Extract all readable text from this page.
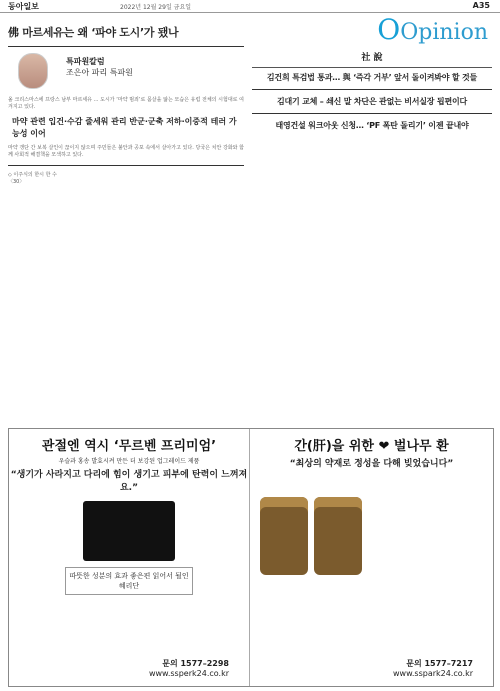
동아일보	2022년 12월 29일 금요일	A35
OOpinion
佛 마르세유는 왜 ‘파야 도시’가 됐나
특파원칼럼
조은아 파리 특파원
올 크리스마스에 프랑스 남부 마르세유 ... 도시가 ‘마약 범죄’로 몸살을 앓는 모습은 유럽 전체의 시험대로 여겨지고 있다.
마약 관련 입건·수감 줄세워 관리 반군·군축 저하·이중적 테러 가능성 이어
마약 갱단 간 보복 살인이 끊이지 않으며 주민들은 불안과 공포 속에서 살아가고 있다. 당국은 치안 강화와 함께 사회적 해결책을 모색하고 있다.
◇ 이주식의 한시 한 수
〈30〉
社 說
김건희 특검법 통과… 與 ‘즉각 거부’ 앞서 돌이켜봐야 할 것들
김대기 교체 – 쇄신 말 차단은 관없는 비서실장 됩편이다
태영건설 워크아웃 신청… ‘PF 폭탄 돌리기’ 이젠 끝내야
관절엔 역시 ‘무르벤 프리미엄’
우슬과 홍송 발효시켜 만든 더 보강된 업그레이드 제품
“생기가 사라지고 다리에 힘이 생기고 피부에 탄력이 느껴져요.”
따뜻한 성분의 효과 좋은편 읽어서 될인 혜리단
문의 1577–2298
www.ssperk24.co.kr
간(肝)을 위한 ❤ 벌나무 환
“최상의 약재로 정성을 다해 빚었습니다”
문의 1577–7217
www.sspark24.co.kr
